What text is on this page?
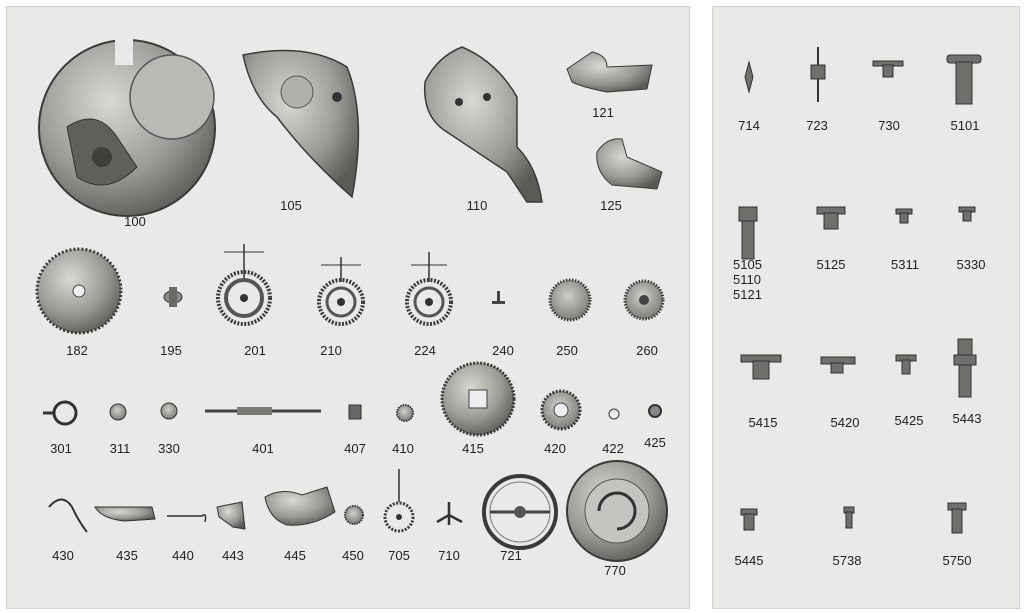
100
105	110
121
125
182	195	201	210	224	240	250	260
301	311	330	401	407	410	415	420	422	425
430	435	440	443	445	450	705	710	721
770
714	723	730	5101
5105
5110
5121
5125	5311	5330
5415	5420	5425	5443
5445	5738	5750
